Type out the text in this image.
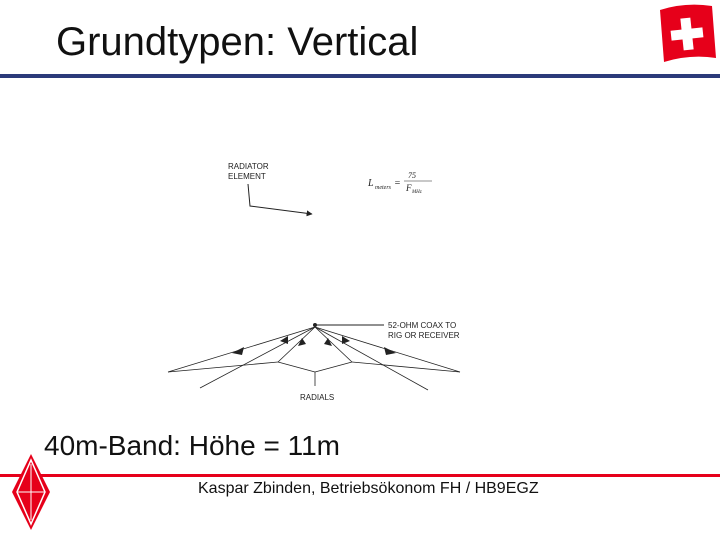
Grundtypen: Vertical
RADIATOR
ELEMENT
L meters =
75
F MHz
52-OHM COAX TO
RIG OR RECEIVER
RADIALS
40m-Band: Höhe = 11m
Kaspar Zbinden, Betriebsökonom FH / HB9EGZ
